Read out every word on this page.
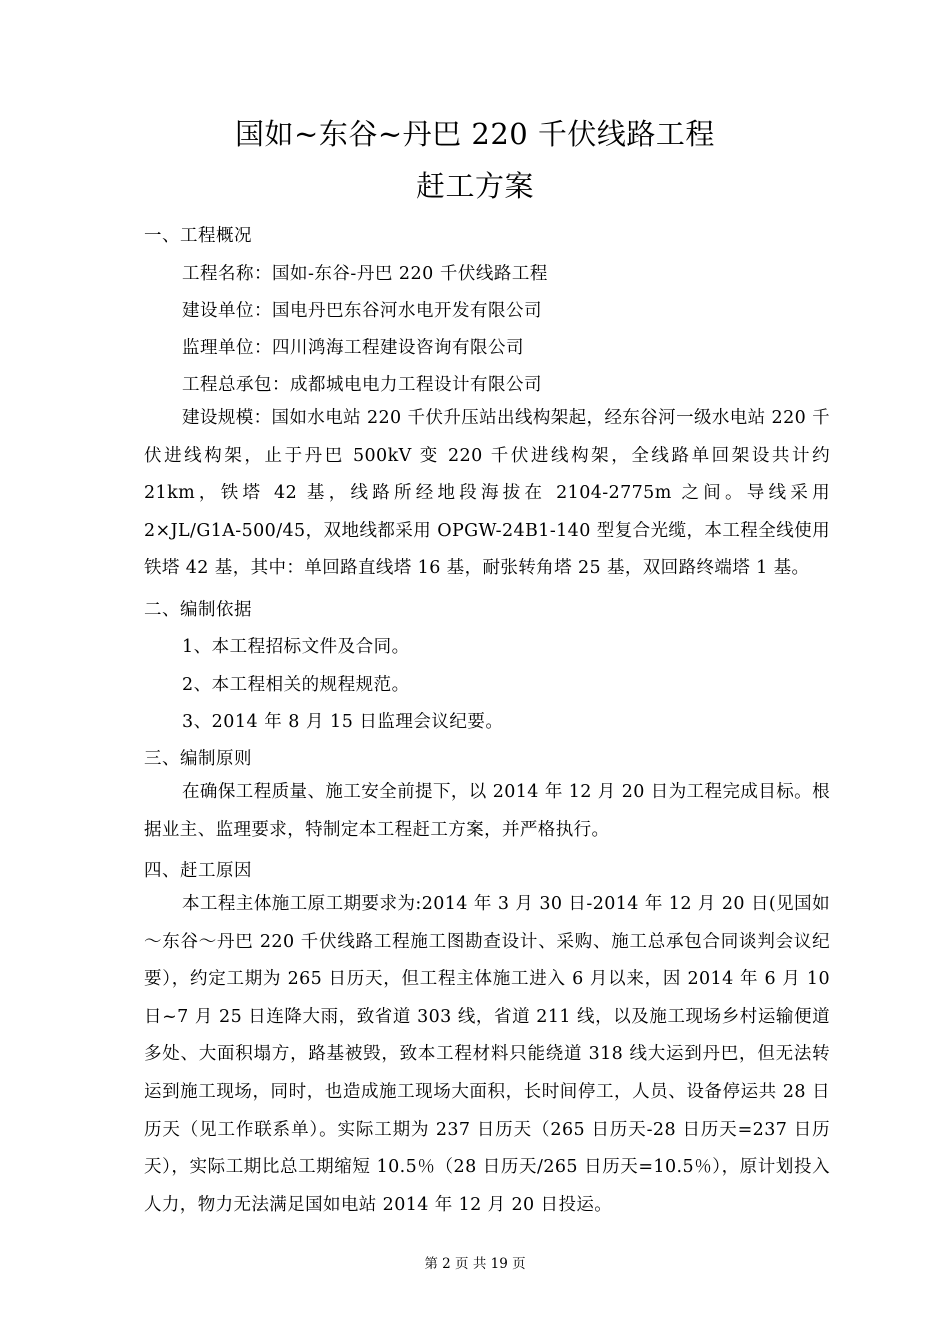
国如~东谷~丹巴 220 千伏线路工程
赶工方案
一、工程概况
工程名称：国如-东谷-丹巴 220 千伏线路工程
建设单位：国电丹巴东谷河水电开发有限公司
监理单位：四川鸿海工程建设咨询有限公司
工程总承包：成都城电电力工程设计有限公司

建设规模：国如水电站 220 千伏升压站出线构架起，经东谷河一级水电站 220 千伏进线构架，止于丹巴 500kV 变 220 千伏进线构架，全线路单回架设共计约 21km，铁塔 42 基，线路所经地段海拔在 2104-2775m 之间。导线采用 2×JL/G1A-500/45，双地线都采用 OPGW-24B1-140 型复合光缆，本工程全线使用铁塔 42 基，其中：单回路直线塔 16 基，耐张转角塔 25 基，双回路终端塔 1 基。

二、编制依据
1、本工程招标文件及合同。
2、本工程相关的规程规范。
3、2014 年 8 月 15 日监理会议纪要。
三、编制原则

在确保工程质量、施工安全前提下，以 2014 年 12 月 20 日为工程完成目标。根据业主、监理要求，特制定本工程赶工方案，并严格执行。

四、赶工原因

本工程主体施工原工期要求为:2014 年 3 月 30 日-2014 年 12 月 20 日(见国如～东谷～丹巴 220 千伏线路工程施工图勘查设计、采购、施工总承包合同谈判会议纪要），约定工期为 265 日历天，但工程主体施工进入 6 月以来，因 2014 年 6 月 10 日~7 月 25 日连降大雨，致省道 303 线，省道 211 线，以及施工现场乡村运输便道多处、大面积塌方，路基被毁，致本工程材料只能绕道 318 线大运到丹巴，但无法转运到施工现场，同时，也造成施工现场大面积，长时间停工，人员、设备停运共 28 日历天（见工作联系单）。实际工期为 237 日历天（265 日历天-28 日历天=237 日历天），实际工期比总工期缩短 10.5％（28 日历天/265 日历天=10.5％），原计划投入人力，物力无法满足国如电站 2014 年 12 月 20 日投运。

第 2 页 共 19 页
